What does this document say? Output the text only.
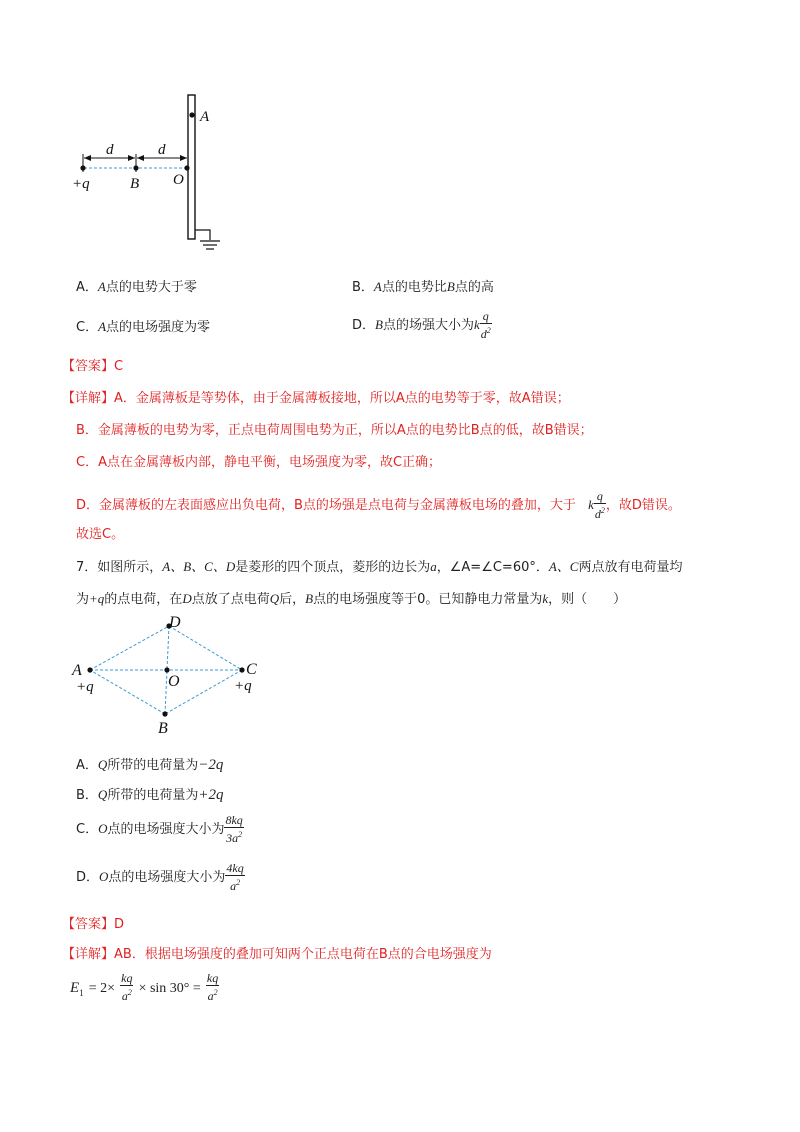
A
d	d
+q	B O
A．A点的电势大于零	B．A点的电势比B点的高
C．A点的电场强度为零	D．B点的场强大小为k $\frac{q}{d^2}$
【答案】C
【详解】A．金属薄板是等势体，由于金属薄板接地，所以A点的电势等于零，故A错误；
B．金属薄板的电势为零，正点电荷周围电势为正，所以A点的电势比B点的低，故B错误；
C．A点在金属薄板内部，静电平衡，电场强度为零，故C正确；
D．金属薄板的左表面感应出负电荷，B点的场强是点电荷与金属薄板电场的叠加，大于 k $\frac{q}{d^2}$ ，故D错误。
故选C。
7．如图所示，A、B、C、D是菱形的四个顶点，菱形的边长为a，∠A=∠C=60°．A、C两点放有电荷量均
为+q的点电荷，在D点放了点电荷Q后，B点的电场强度等于0。已知静电力常量为k，则（　　）
D
A
+q	O
C
+q
B
A．Q所带的电荷量为−2q
B．Q所带的电荷量为+2q
C．O点的电场强度大小为 $\frac{8kq}{3a^2}$
D．O点的电场强度大小为 $\frac{4kq}{a^2}$
【答案】D
【详解】AB．根据电场强度的叠加可知两个正点电荷在B点的合电场强度为
$E_1 = 2\times \frac{kq}{a^2} \times \sin 30^\circ = \frac{kq}{a^2}$
